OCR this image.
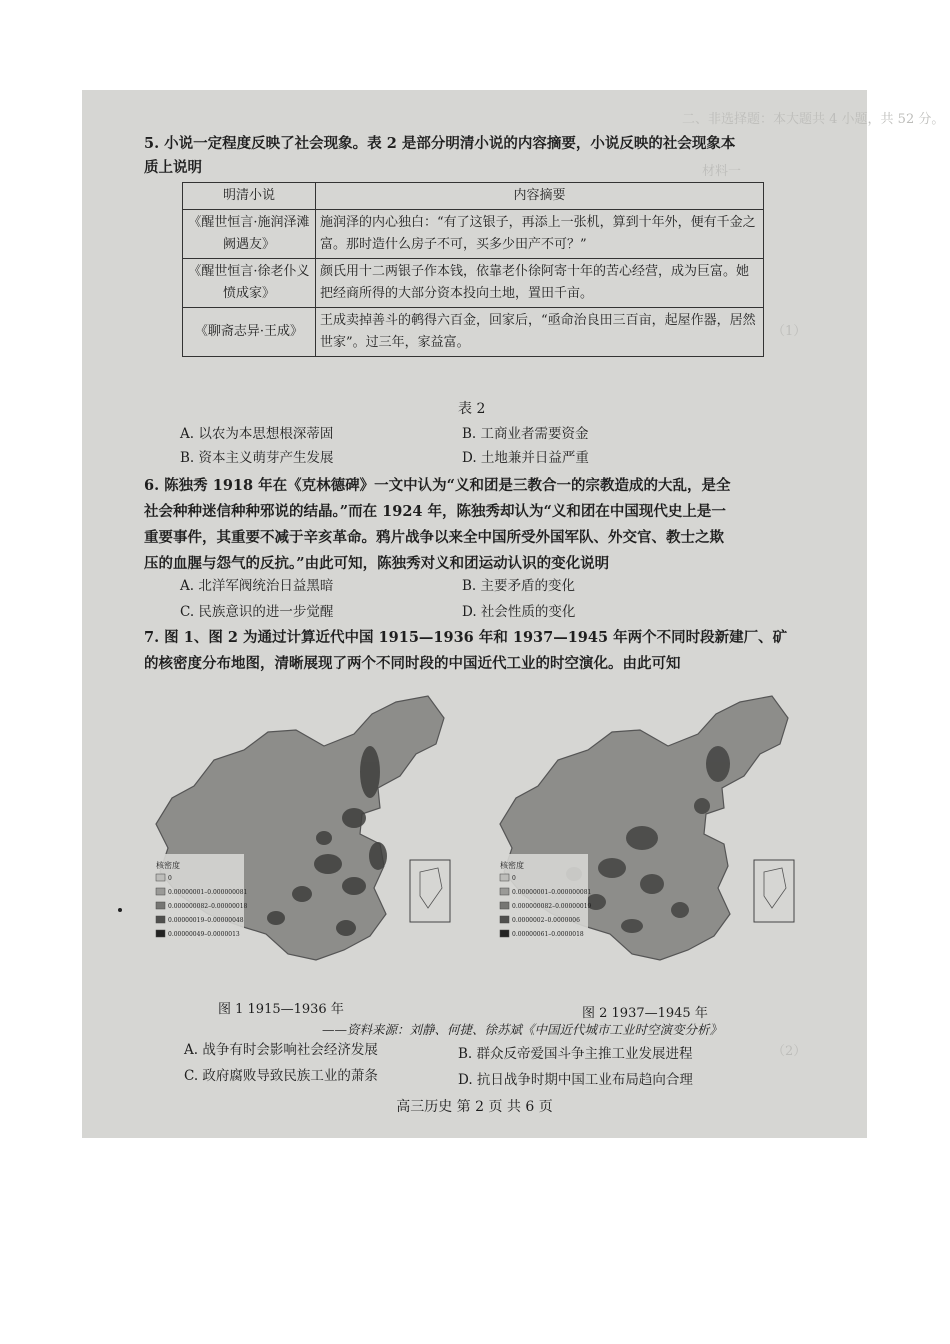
二、非选择题：本大题共 4 小题，共 52 分。
材料一
（1）
（2）
5. 小说一定程度反映了社会现象。表 2 是部分明清小说的内容摘要，小说反映的社会现象本
质上说明
明清小说	内容摘要
《醒世恒言·施润泽滩阙遇友》	施润泽的内心独白：“有了这银子，再添上一张机，算到十年外，便有千金之富。那时造什么房子不可，买多少田产不可？”
《醒世恒言·徐老仆义愤成家》	颜氏用十二两银子作本钱，依靠老仆徐阿寄十年的苦心经营，成为巨富。她把经商所得的大部分资本投向土地，置田千亩。
《聊斋志异·王成》	王成卖掉善斗的鹌得六百金，回家后，“亟命治良田三百亩，起屋作器，居然世家”。过三年，家益富。
表 2
A. 以农为本思想根深蒂固	B. 工商业者需要资金
B. 资本主义萌芽产生发展	D. 土地兼并日益严重
6. 陈独秀 1918 年在《克林德碑》一文中认为“义和团是三教合一的宗教造成的大乱，是全
社会种种迷信种种邪说的结晶。”而在 1924 年，陈独秀却认为“义和团在中国现代史上是一
重要事件，其重要不减于辛亥革命。鸦片战争以来全中国所受外国军队、外交官、教士之欺
压的血腥与怨气的反抗。”由此可知，陈独秀对义和团运动认识的变化说明
A. 北洋军阀统治日益黑暗	B. 主要矛盾的变化
C. 民族意识的进一步觉醒	D. 社会性质的变化
7. 图 1、图 2 为通过计算近代中国 1915—1936 年和 1937—1945 年两个不同时段新建厂、矿
的核密度分布地图，清晰展现了两个不同时段的中国近代工业的时空演化。由此可知
核密度
0
0.00000001–0.000000081
0.000000082–0.00000018
0.00000019–0.00000048
0.00000049–0.0000013
核密度
0
0.00000001–0.000000081
0.000000082–0.00000019
0.0000002–0.0000006
0.00000061–0.0000018
图 1 1915—1936 年	图 2 1937—1945 年
——资料来源：刘静、何捷、徐苏斌《中国近代城市工业时空演变分析》
A. 战争有时会影响社会经济发展	B. 群众反帝爱国斗争主推工业发展进程
C. 政府腐败导致民族工业的萧条	D. 抗日战争时期中国工业布局趋向合理
高三历史 第 2 页 共 6 页
